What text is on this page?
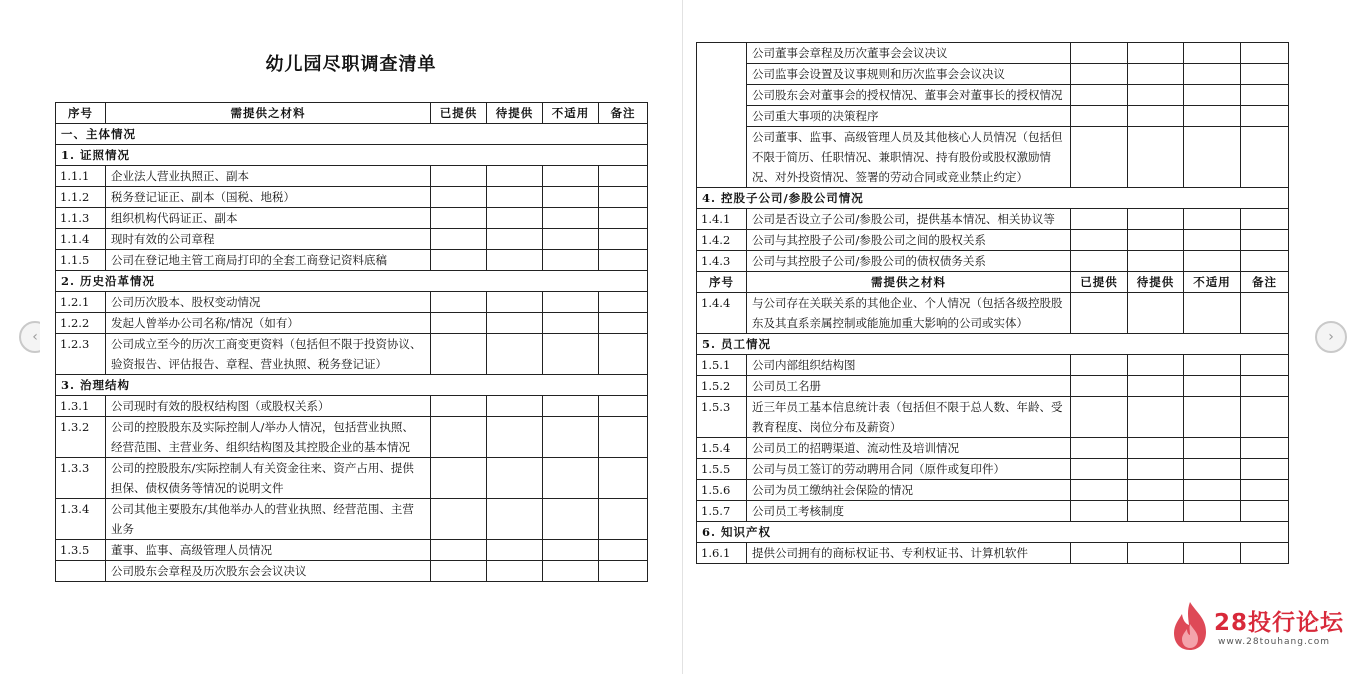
‹
幼儿园尽职调查清单
序号	需提供之材料	已提供	待提供	不适用	备注
一、主体情况					
1. 证照情况					
1.1.1	企业法人营业执照正、副本				
1.1.2	税务登记证正、副本（国税、地税）				
1.1.3	组织机构代码证正、副本				
1.1.4	现时有效的公司章程				
1.1.5	公司在登记地主管工商局打印的全套工商登记资料底稿				
2. 历史沿革情况					
1.2.1	公司历次股本、股权变动情况				
1.2.2	发起人曾举办公司名称/情况（如有）				
1.2.3	公司成立至今的历次工商变更资料（包括但不限于投资协议、验资报告、评估报告、章程、营业执照、税务登记证）				
3. 治理结构					
1.3.1	公司现时有效的股权结构图（或股权关系）				
1.3.2	公司的控股股东及实际控制人/举办人情况，包括营业执照、经营范围、主营业务、组织结构图及其控股企业的基本情况				
1.3.3	公司的控股股东/实际控制人有关资金往来、资产占用、提供担保、债权债务等情况的说明文件				
1.3.4	公司其他主要股东/其他举办人的营业执照、经营范围、主营业务				
1.3.5	董事、监事、高级管理人员情况				
	公司股东会章程及历次股东会会议决议				
	公司董事会章程及历次董事会会议决议				
	公司监事会设置及议事规则和历次监事会会议决议				
	公司股东会对董事会的授权情况、董事会对董事长的授权情况				
	公司重大事项的决策程序				
	公司董事、监事、高级管理人员及其他核心人员情况（包括但不限于简历、任职情况、兼职情况、持有股份或股权激励情况、对外投资情况、签署的劳动合同或竞业禁止约定）				
4. 控股子公司/参股公司情况					
1.4.1	公司是否设立子公司/参股公司，提供基本情况、相关协议等				
1.4.2	公司与其控股子公司/参股公司之间的股权关系				
1.4.3	公司与其控股子公司/参股公司的债权债务关系				
序号	需提供之材料	已提供	待提供	不适用	备注
1.4.4	与公司存在关联关系的其他企业、个人情况（包括各级控股股东及其直系亲属控制或能施加重大影响的公司或实体）				
5. 员工情况					
1.5.1	公司内部组织结构图				
1.5.2	公司员工名册				
1.5.3	近三年员工基本信息统计表（包括但不限于总人数、年龄、受教育程度、岗位分布及薪资）				
1.5.4	公司员工的招聘渠道、流动性及培训情况				
1.5.5	公司与员工签订的劳动聘用合同（原件或复印件）				
1.5.6	公司为员工缴纳社会保险的情况				
1.5.7	公司员工考核制度				
6. 知识产权					
1.6.1	提供公司拥有的商标权证书、专利权证书、计算机软件				
›
28投行论坛
www.28touhang.com
